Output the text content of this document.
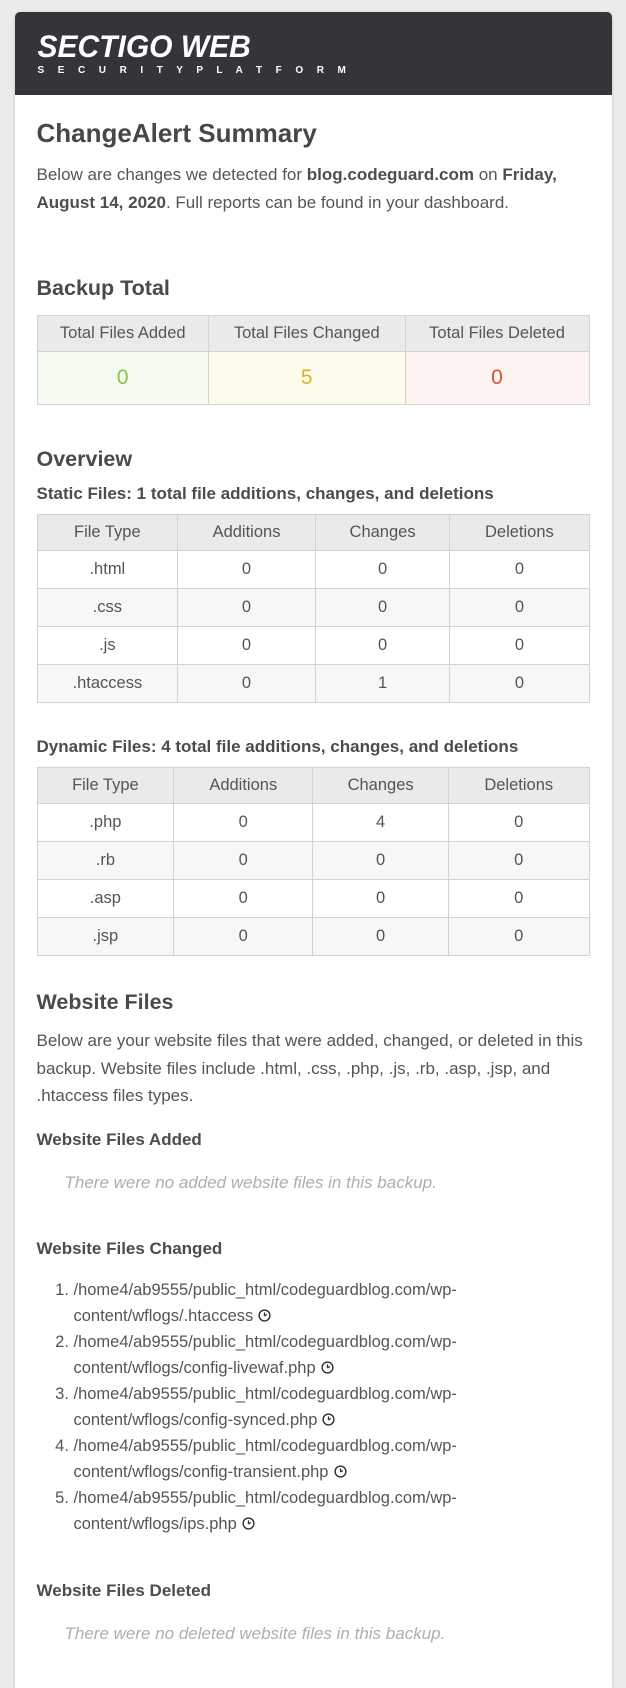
SECTIGO WEB
S E C U R I T Y P L A T F O R M
ChangeAlert Summary

Below are changes we detected for blog.codeguard.com on Friday, August 14, 2020. Full reports can be found in your dashboard.

Backup Total
Total Files Added	Total Files Changed	Total Files Deleted
0	5	0
Overview
Static Files: 1 total file additions, changes, and deletions
File Type	Additions	Changes	Deletions
.html	0	0	0
.css	0	0	0
.js	0	0	0
.htaccess	0	1	0
Dynamic Files: 4 total file additions, changes, and deletions
File Type	Additions	Changes	Deletions
.php	0	4	0
.rb	0	0	0
.asp	0	0	0
.jsp	0	0	0
Website Files

Below are your website files that were added, changed, or deleted in this backup. Website files include .html, .css, .php, .js, .rb, .asp, .jsp, and .htaccess files types.

Website Files Added
There were no added website files in this backup.
Website Files Changed
1. /​home4/​ab9555/​public_html/​codeguardblog.com/​wp-content/​wflogs/​.htaccess
2. /​home4/​ab9555/​public_html/​codeguardblog.com/​wp-content/​wflogs/​config-livewaf.php
3. /​home4/​ab9555/​public_html/​codeguardblog.com/​wp-content/​wflogs/​config-synced.php
4. /​home4/​ab9555/​public_html/​codeguardblog.com/​wp-content/​wflogs/​config-transient.php
5. /​home4/​ab9555/​public_html/​codeguardblog.com/​wp-content/​wflogs/​ips.php
Website Files Deleted
There were no deleted website files in this backup.
